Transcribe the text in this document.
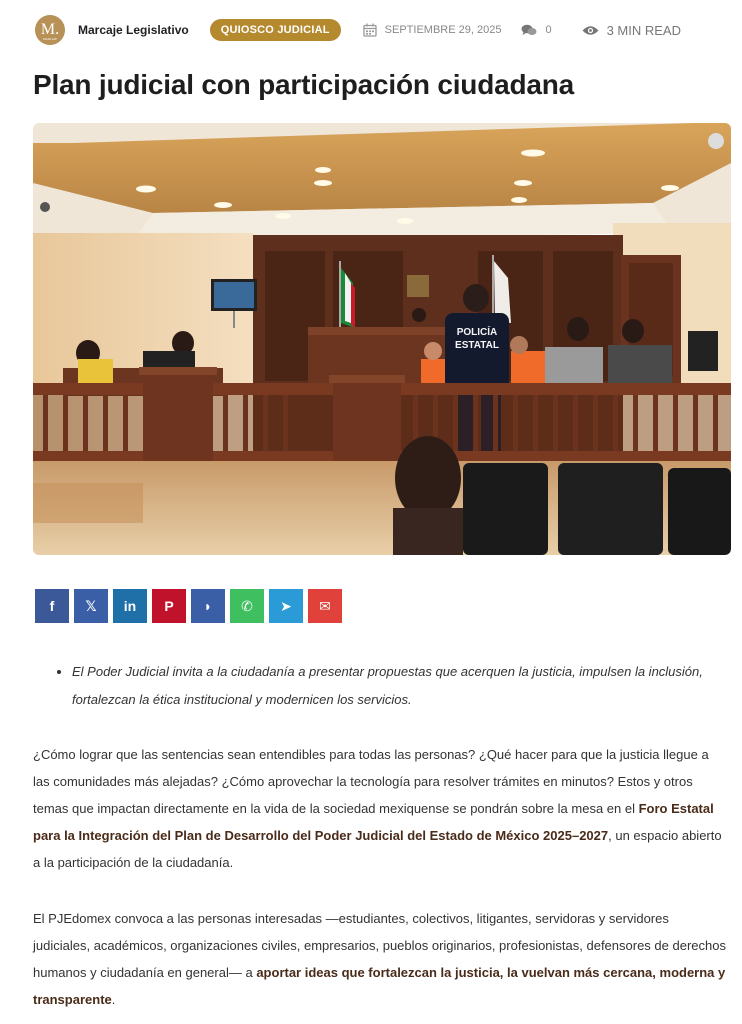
M.
MARCAJE
Marcaje Legislativo	QUIOSCO JUDICIAL	SEPTIEMBRE 29, 2025	0	3 MIN READ
Plan judicial con participación ciudadana
POLICÍA
ESTATAL
f 𝕏 in P ◗ ✆ ➤ ✉
• El Poder Judicial invita a la ciudadanía a presentar propuestas que acerquen la justicia, impulsen la inclusión, fortalezcan la ética institucional y modernicen los servicios.

¿Cómo lograr que las sentencias sean entendibles para todas las personas? ¿Qué hacer para que la justicia llegue a las comunidades más alejadas? ¿Cómo aprovechar la tecnología para resolver trámites en minutos? Estos y otros temas que impactan directamente en la vida de la sociedad mexiquense se pondrán sobre la mesa en el Foro Estatal para la Integración del Plan de Desarrollo del Poder Judicial del Estado de México 2025–2027, un espacio abierto a la participación de la ciudadanía.

El PJEdomex convoca a las personas interesadas —estudiantes, colectivos, litigantes, servidoras y servidores judiciales, académicos, organizaciones civiles, empresarios, pueblos originarios, profesionistas, defensores de derechos humanos y ciudadanía en general— a aportar ideas que fortalezcan la justicia, la vuelvan más cercana, moderna y transparente.
